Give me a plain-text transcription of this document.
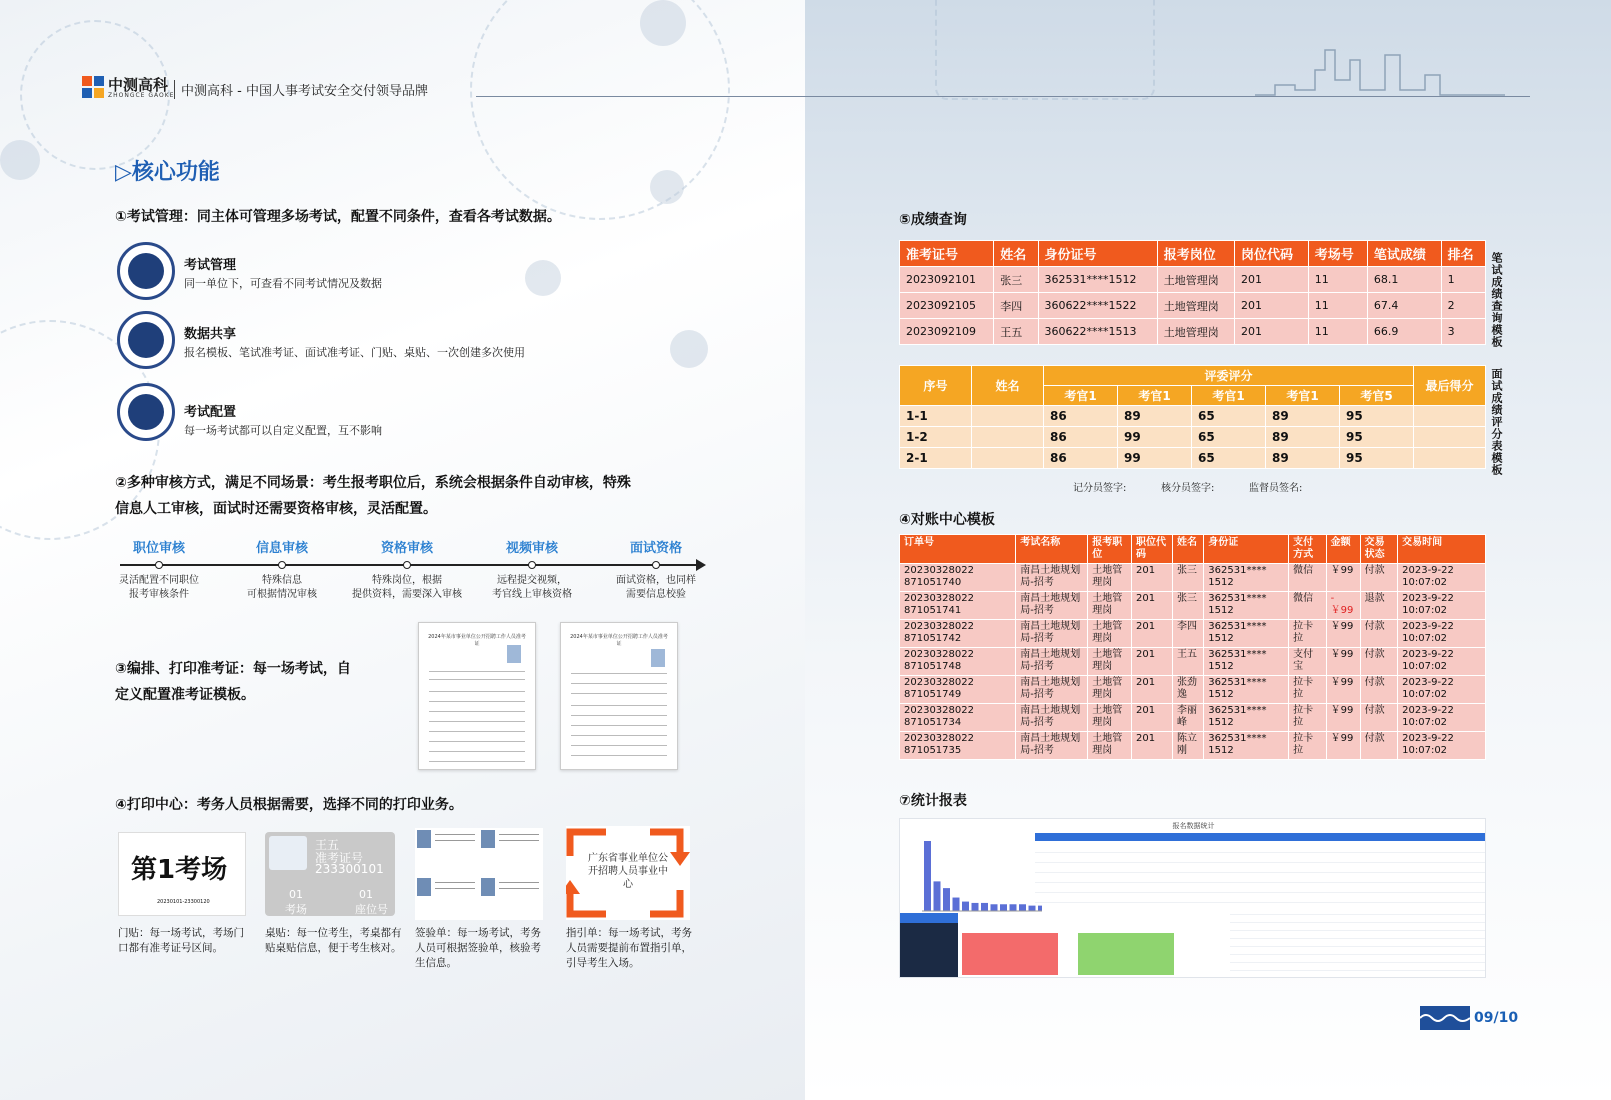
中测高科
ZHONGCE GAOKE 中测高科 - 中国人事考试安全交付领导品牌
▷核心功能
①考试管理：同主体可管理多场考试，配置不同条件，查看各考试数据。
考试管理
同一单位下，可查看不同考试情况及数据
数据共享
报名模板、笔试准考证、面试准考证、门贴、桌贴、一次创建多次使用
考试配置
每一场考试都可以自定义配置，互不影响
②多种审核方式，满足不同场景：考生报考职位后，系统会根据条件自动审核，特殊
信息人工审核，面试时还需要资格审核，灵活配置。
职位审核
灵活配置不同职位
报考审核条件
信息审核
特殊信息
可根据情况审核
资格审核
特殊岗位，根据
提供资料，需要深入审核
视频审核
远程提交视频，
考官线上审核资格
面试资格
面试资格，也同样
需要信息校验
③编排、打印准考证：每一场考试，自
定义配置准考证模板。
2024年某市事业单位公开招聘工作人员准考证
2024年某市事业单位公开招聘工作人员准考证
④打印中心：考务人员根据需要，选择不同的打印业务。
第1考场
20230101-23300120
王五
准考证号
233300101
01
考场
01
座位号
广东省事业单位公开招聘人员事业中心
门贴：每一场考试，考场门
口都有准考证号区间。
桌贴：每一位考生，考桌都有
贴桌贴信息，便于考生核对。
签验单：每一场考试，考务
人员可根据签验单，核验考
生信息。
指引单：每一场考试，考务
人员需要提前布置指引单，
引导考生入场。
⑤成绩查询
准考证号	姓名	身份证号	报考岗位	岗位代码	考场号	笔试成绩	排名
2023092101	张三	362531****1512	土地管理岗	201	11	68.1	1
2023092105	李四	360622****1522	土地管理岗	201	11	67.4	2
2023092109	王五	360622****1513	土地管理岗	201	11	66.9	3	笔试成绩查询模板
序号	姓名	评委评分					最后得分
		考官1	考官1	考官1	考官1	考官5	
1-1		86	89	65	89	95	
1-2		86	99	65	89	95	
2-1		86	99	65	89	95		面试成绩评分表模板
记分员签字:	核分员签字:	监督员签名:
④对账中心模板
订单号	考试名称	报考职位	职位代码	姓名	身份证	支付方式	金额	交易状态	交易时间
20230328022 871051740	南昌土地规划局-招考	土地管理岗	201	张三	362531**** 1512	微信	￥99	付款	2023-9-22 10:07:02
20230328022 871051741	南昌土地规划局-招考	土地管理岗	201	张三	362531**** 1512	微信	-￥99	退款	2023-9-22 10:07:02
20230328022 871051742	南昌土地规划局-招考	土地管理岗	201	李四	362531**** 1512	拉卡拉	￥99	付款	2023-9-22 10:07:02
20230328022 871051748	南昌土地规划局-招考	土地管理岗	201	王五	362531**** 1512	支付宝	￥99	付款	2023-9-22 10:07:02
20230328022 871051749	南昌土地规划局-招考	土地管理岗	201	张劲逸	362531**** 1512	拉卡拉	￥99	付款	2023-9-22 10:07:02
20230328022 871051734	南昌土地规划局-招考	土地管理岗	201	李丽峰	362531**** 1512	拉卡拉	￥99	付款	2023-9-22 10:07:02
20230328022 871051735	南昌土地规划局-招考	土地管理岗	201	陈立刚	362531**** 1512	拉卡拉	￥99	付款	2023-9-22 10:07:02
⑦统计报表
报名数据统计
09/10
